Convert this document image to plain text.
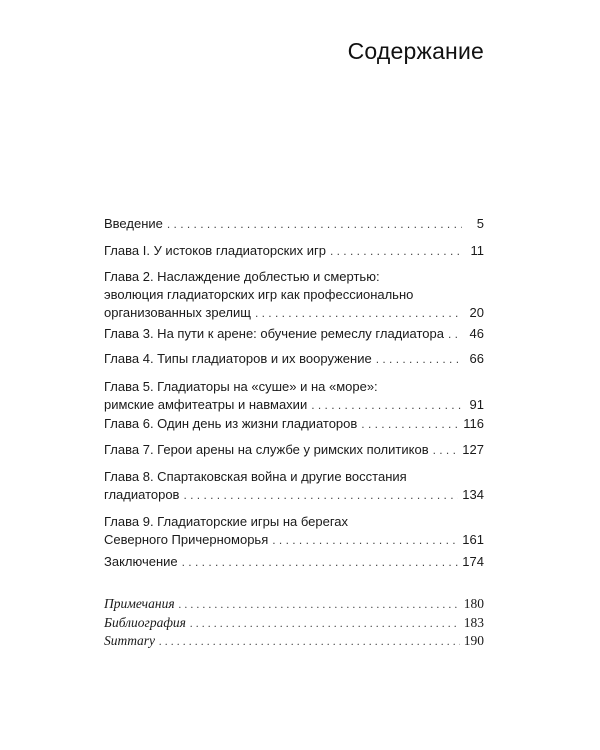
Содержание
Введение . . .	5
Глава I. У истоков гладиаторских игр . . .	11
Глава 2. Наслаждение доблестью и смертью:
эволюция гладиаторских игр как профессионально
организованных зрелищ . . .	20
Глава 3. На пути к арене: обучение ремеслу гладиатора . . . 46
Глава 4. Типы гладиаторов и их вооружение . . .	66
Глава 5. Гладиаторы на «суше» и на «море»:
римские амфитеатры и навмахии . . .	91
Глава 6. Один день из жизни гладиаторов . . .	116
Глава 7. Герои арены на службе у римских политиков . . .	127
Глава 8. Спартаковская война и другие восстания
гладиаторов . . .	134
Глава 9. Гладиаторские игры на берегах
Северного Причерноморья . . .	161
Заключение . . .	174
Примечания . . .	180
Библиография . . .	183
Summary . . .	190
